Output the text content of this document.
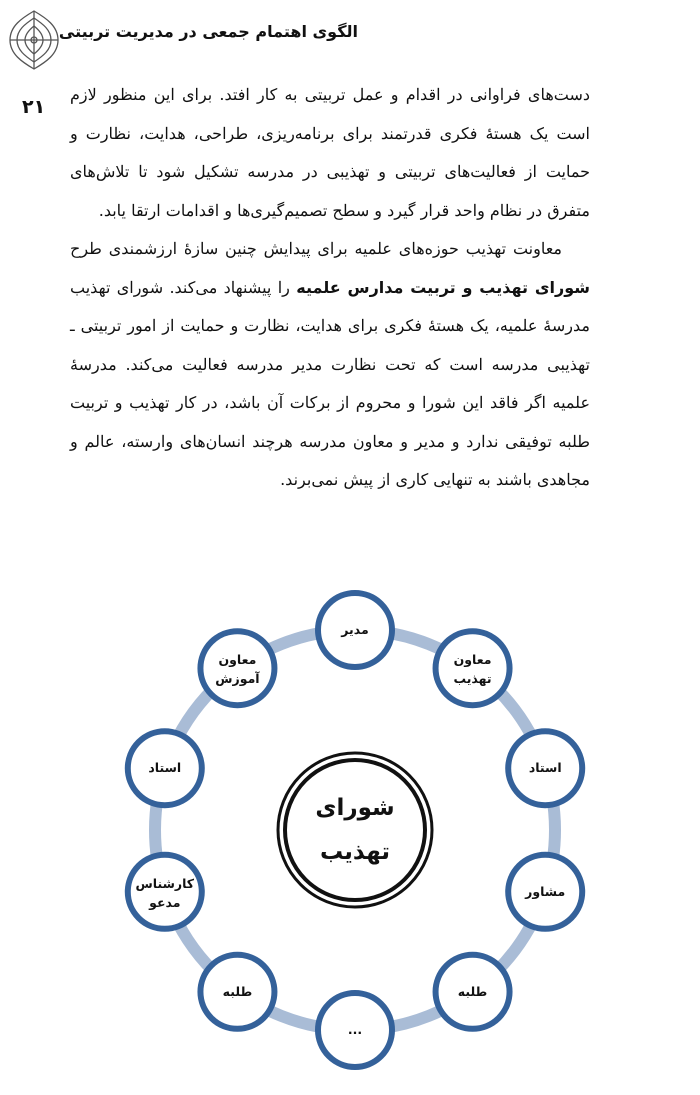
الگوی اهتمام جمعی در مدیریت تربیتی
۲۱

دست‌های فراوانی در اقدام و عمل تربیتی به کار افتد. برای این منظور لازم است یک هستهٔ فکری قدرتمند برای برنامه‌ریزی، طراحی، هدایت، نظارت و حمایت از فعالیت‌های تربیتی و تهذیبی در مدرسه تشکیل شود تا تلاش‌های متفرق در نظام واحد قرار گیرد و سطح تصمیم‌گیری‌ها و اقدامات ارتقا یابد.

معاونت تهذیب حوزه‌های علمیه برای پیدایش چنین سازهٔ ارزشمندی طرح شورای تهذیب و تربیت مدارس علمیه را پیشنهاد می‌کند. شورای تهذیب مدرسهٔ علمیه، یک هستهٔ فکری برای هدایت، نظارت و حمایت از امور تربیتی ـ تهذیبی مدرسه است که تحت نظارت مدیر مدرسه فعالیت می‌کند. مدرسهٔ علمیه اگر فاقد این شورا و محروم از برکات آن باشد، در کار تهذیب و تربیت طلبه توفیقی ندارد و مدیر و معاون مدرسه هرچند انسان‌های وارسته، عالم و مجاهدی باشند به تنهایی کاری از پیش نمی‌برند.

مدیر
معاون
تهذیب
استاد
مشاور
طلبه
...
طلبه
کارشناس
مدعو
استاد
معاون
آموزش
شورای
تهذیب
